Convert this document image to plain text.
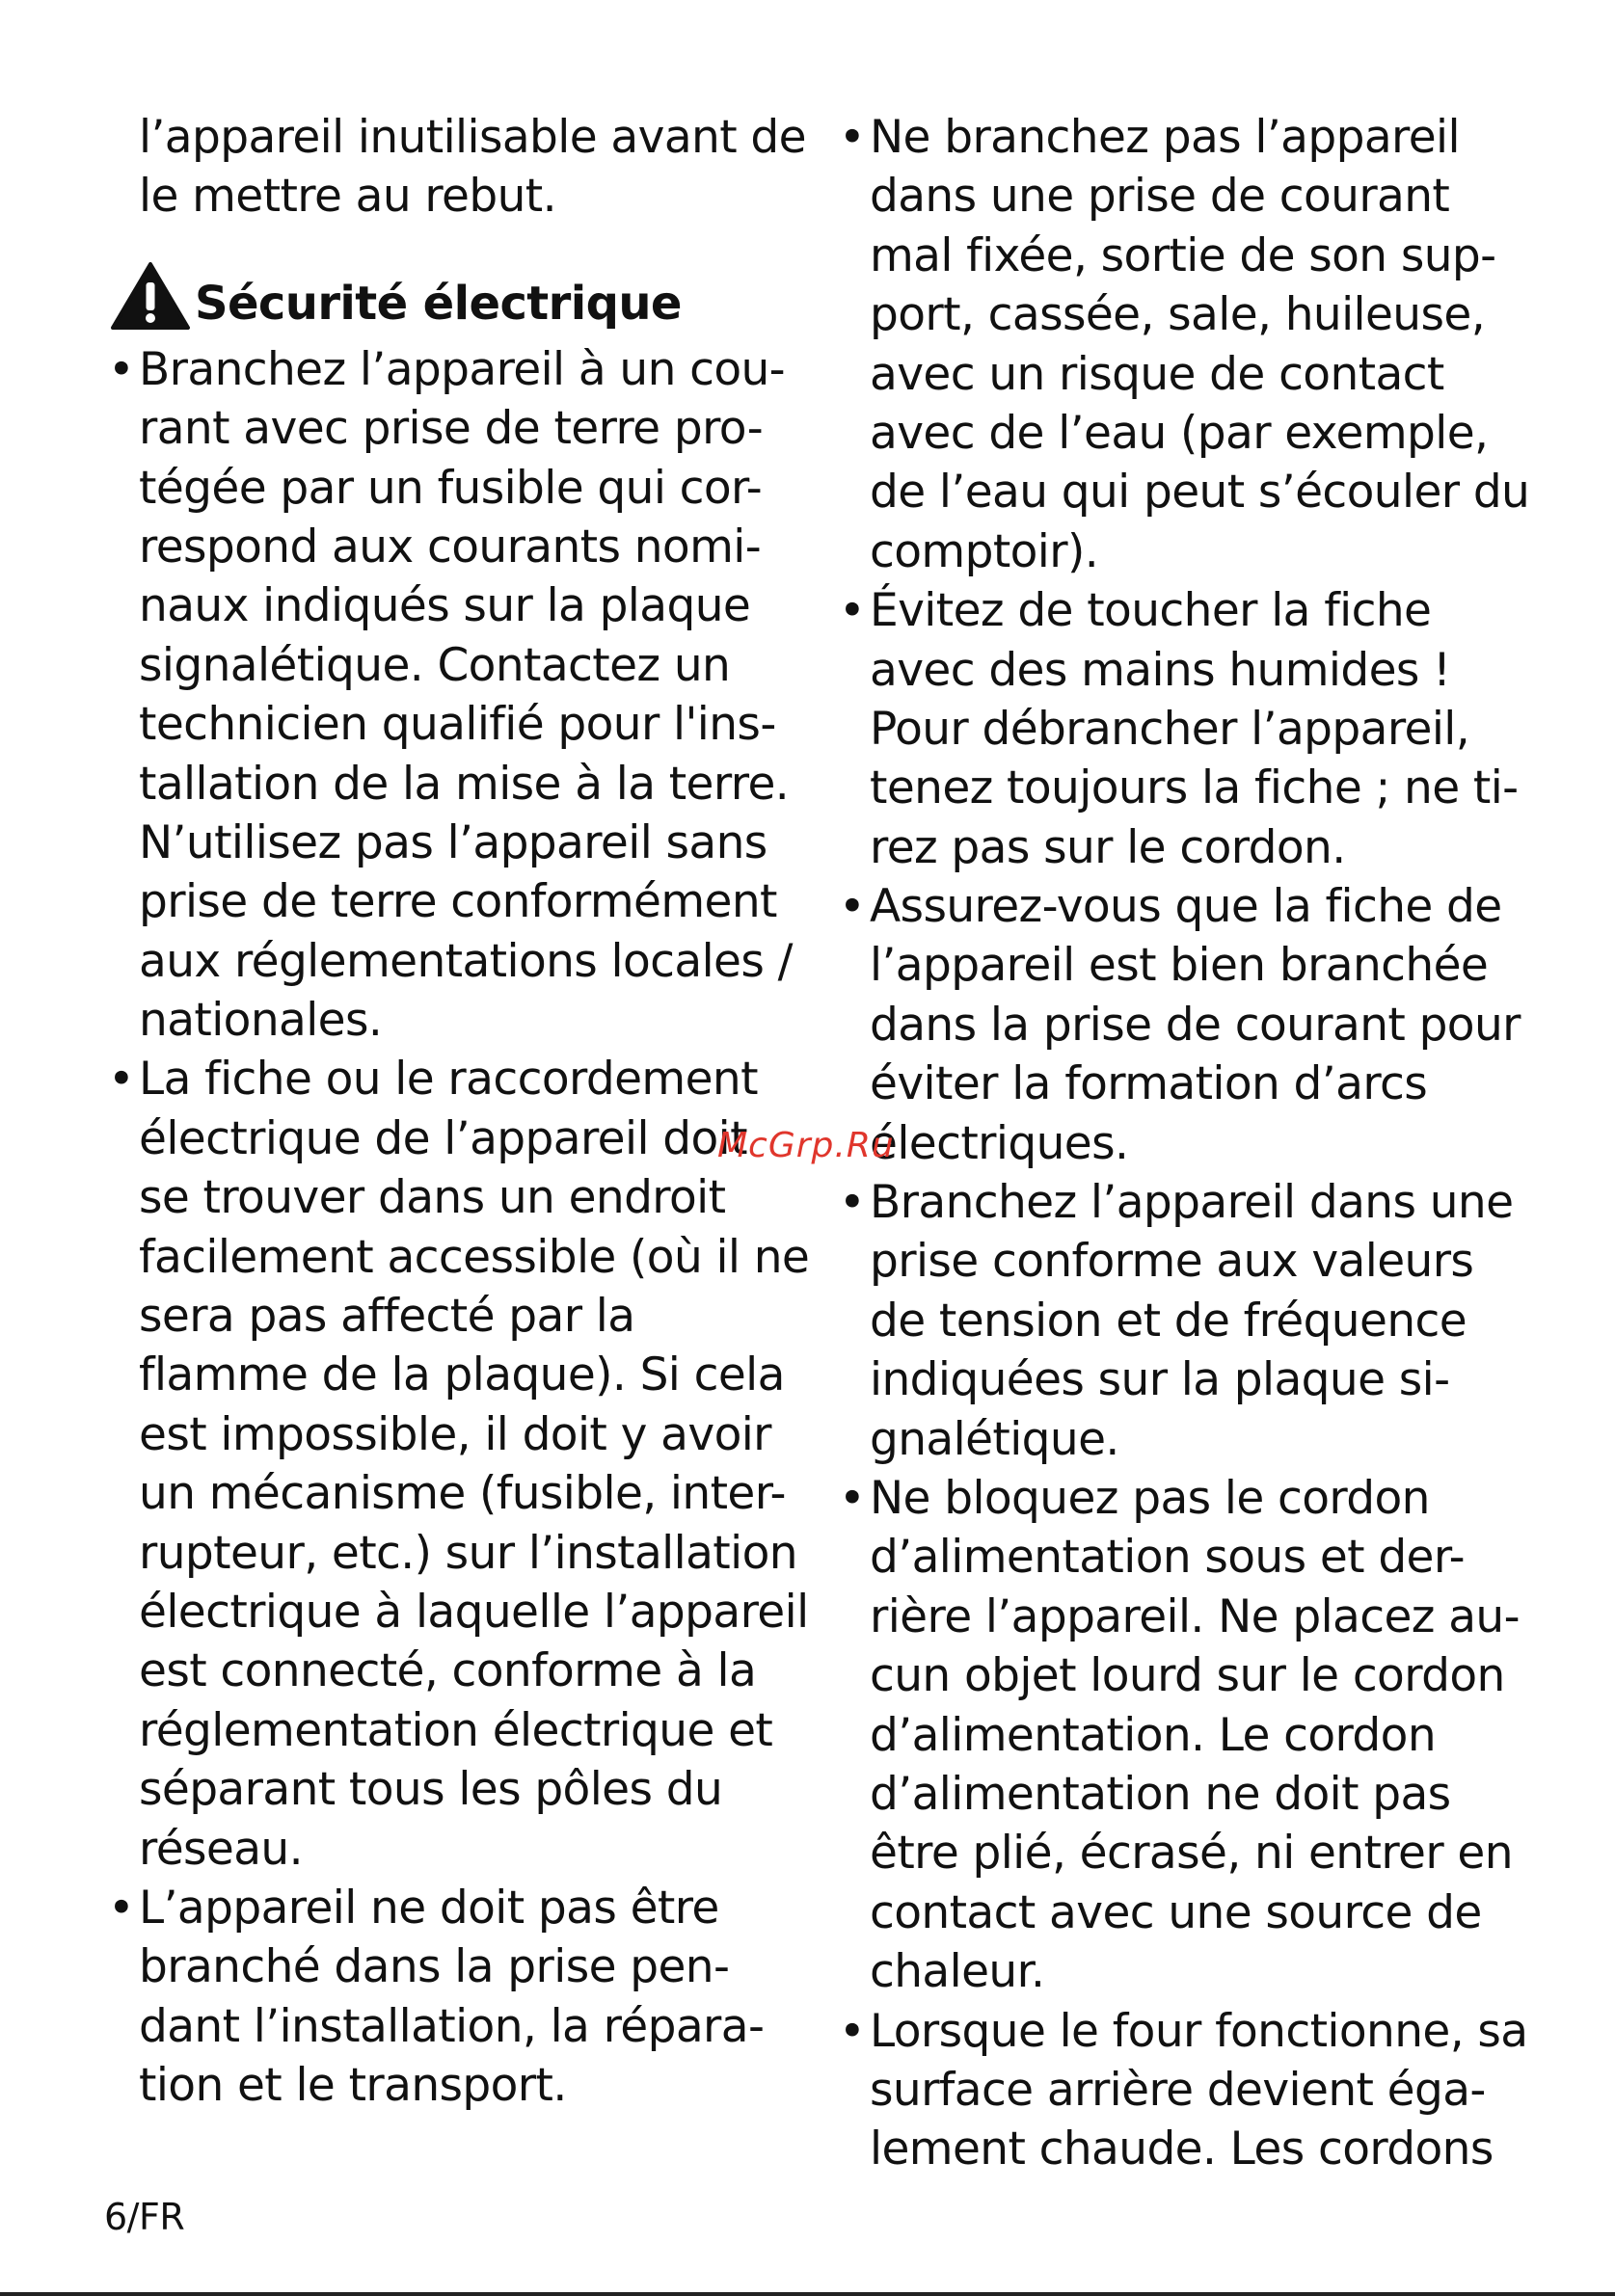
l’appareil inutilisable avant de
le mettre au rebut.
Sécurité électrique
• Branchez l’appareil à un cou-
rant avec prise de terre pro-
tégée par un fusible qui cor-
respond aux courants nomi-
naux indiqués sur la plaque
signalétique. Contactez un
technicien qualifié pour l'ins-
tallation de la mise à la terre.
N’utilisez pas l’appareil sans
prise de terre conformément
aux réglementations locales /
nationales.
• La fiche ou le raccordement
électrique de l’appareil doit
se trouver dans un endroit
facilement accessible (où il ne
sera pas affecté par la
flamme de la plaque). Si cela
est impossible, il doit y avoir
un mécanisme (fusible, inter-
rupteur, etc.) sur l’installation
électrique à laquelle l’appareil
est connecté, conforme à la
réglementation électrique et
séparant tous les pôles du
réseau.
• L’appareil ne doit pas être
branché dans la prise pen-
dant l’installation, la répara-
tion et le transport.
• Ne branchez pas l’appareil
dans une prise de courant
mal fixée, sortie de son sup-
port, cassée, sale, huileuse,
avec un risque de contact
avec de l’eau (par exemple,
de l’eau qui peut s’écouler du
comptoir).
• Évitez de toucher la fiche
avec des mains humides !
Pour débrancher l’appareil,
tenez toujours la fiche ; ne ti-
rez pas sur le cordon.
• Assurez-vous que la fiche de
l’appareil est bien branchée
dans la prise de courant pour
éviter la formation d’arcs
électriques.
• Branchez l’appareil dans une
prise conforme aux valeurs
de tension et de fréquence
indiquées sur la plaque si-
gnalétique.
• Ne bloquez pas le cordon
d’alimentation sous et der-
rière l’appareil. Ne placez au-
cun objet lourd sur le cordon
d’alimentation. Le cordon
d’alimentation ne doit pas
être plié, écrasé, ni entrer en
contact avec une source de
chaleur.
• Lorsque le four fonctionne, sa
surface arrière devient éga-
lement chaude. Les cordons
McGrp.Ru
6/FR
